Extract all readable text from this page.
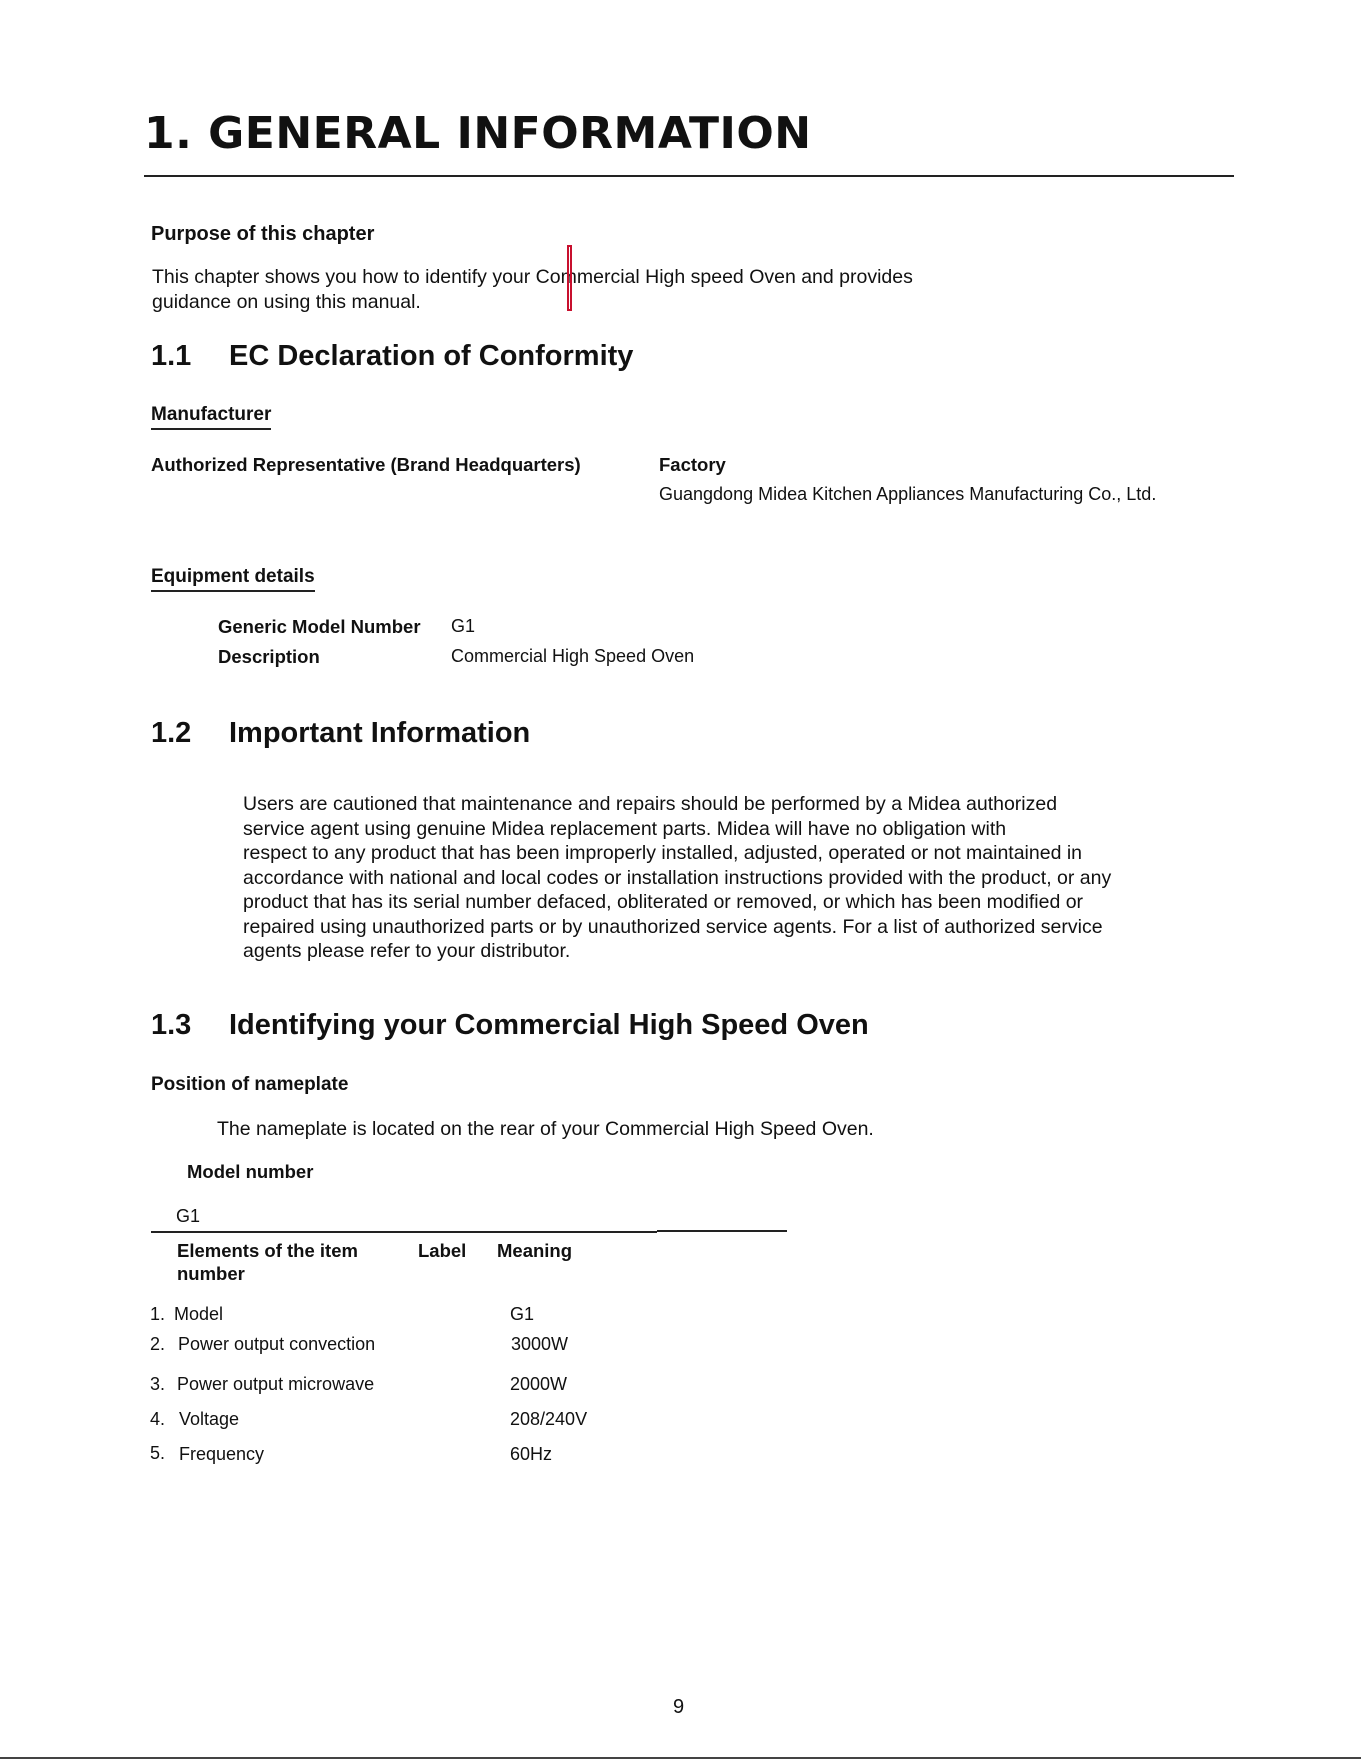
1. GENERAL INFORMATION
Purpose of this chapter
This chapter shows you how to identify your Commercial High speed Oven and provides
guidance on using this manual.
1.1 EC Declaration of Conformity
Manufacturer
Authorized Representative (Brand Headquarters)	Factory
Guangdong Midea Kitchen Appliances Manufacturing Co., Ltd.
Equipment details
Generic Model Number G1
Description	Commercial High Speed Oven
1.2 Important Information
Users are cautioned that maintenance and repairs should be performed by a Midea authorized
service agent using genuine Midea replacement parts. Midea will have no obligation with
respect to any product that has been improperly installed, adjusted, operated or not maintained in
accordance with national and local codes or installation instructions provided with the product, or any
product that has its serial number defaced, obliterated or removed, or which has been modified or
repaired using unauthorized parts or by unauthorized service agents. For a list of authorized service
agents please refer to your distributor.
1.3 Identifying your Commercial High Speed Oven
Position of nameplate
The nameplate is located on the rear of your Commercial High Speed Oven.
Model number
G1
Elements of the item
number
Label Meaning
1. Model	G1
2. Power output convection	3000W
3. Power output microwave	2000W
4. Voltage	208/240V
5. Frequency	60Hz
9
